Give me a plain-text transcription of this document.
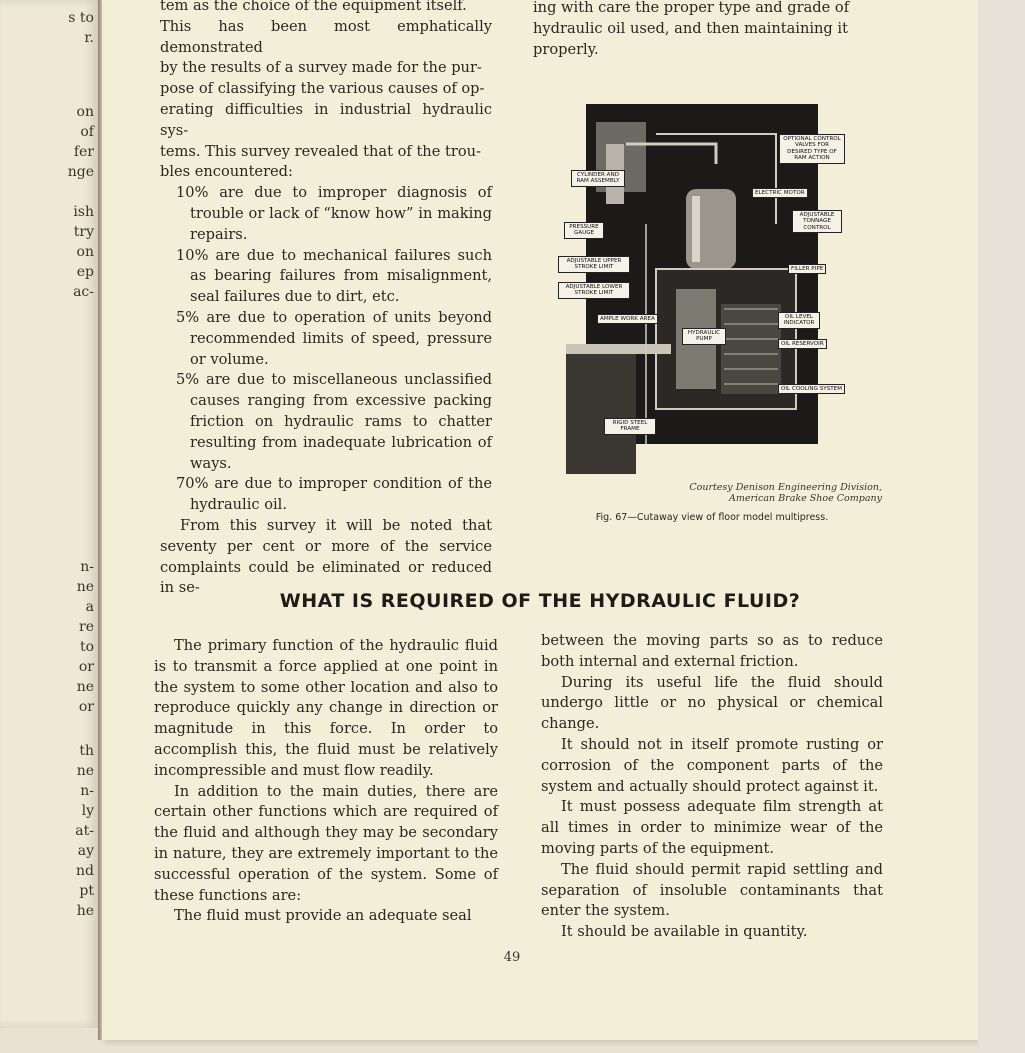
s to
r.
on
of
fer
nge
ish
try
on
ep
ac-
n-
ne
a
re
to
or
ne
or
th
ne
n-
ly
at-
ay
nd
pt
he

tem as the choice of the equipment itself.

This has been most emphatically demonstrated

by the results of a survey made for the pur-

pose of classifying the various causes of op-

erating difficulties in industrial hydraulic sys-

tems. This survey revealed that of the trou-

bles encountered:

10% are due to improper diagnosis of trouble or lack of “know how” in making repairs.

10% are due to mechanical failures such as bearing failures from misalignment, seal failures due to dirt, etc.

5% are due to operation of units beyond recommended limits of speed, pressure or volume.

5% are due to miscellaneous unclassified causes ranging from excessive packing friction on hydraulic rams to chatter resulting from inadequate lubrication of ways.

70% are due to improper condition of the hydraulic oil.

From this survey it will be noted that seventy per cent or more of the service complaints could be eliminated or reduced in se-

ing with care the proper type and grade of hydraulic oil used, and then maintaining it properly.

OPTIONAL CONTROL VALVES FOR DESIRED TYPE OF RAM ACTION
CYLINDER AND RAM ASSEMBLY
ELECTRIC MOTOR
PRESSURE GAUGE
ADJUSTABLE TONNAGE CONTROL
ADJUSTABLE UPPER STROKE LIMIT	FILLER PIPE
ADJUSTABLE LOWER STROKE LIMIT
OIL LEVEL INDICATOR
AMPLE WORK AREA
HYDRAULIC PUMP
OIL RESERVOIR
OIL COOLING SYSTEM
RIGID STEEL FRAME
Courtesy Denison Engineering Division,
American Brake Shoe Company
Fig. 67—Cutaway view of floor model multipress.
WHAT IS REQUIRED OF THE HYDRAULIC FLUID?

The primary function of the hydraulic fluid is to transmit a force applied at one point in the system to some other location and also to reproduce quickly any change in direction or magnitude in this force. In order to accomplish this, the fluid must be relatively incompressible and must flow readily.

In addition to the main duties, there are certain other functions which are required of the fluid and although they may be secondary in nature, they are extremely important to the successful operation of the system. Some of these functions are:

The fluid must provide an adequate seal

between the moving parts so as to reduce both internal and external friction.

During its useful life the fluid should undergo little or no physical or chemical change.

It should not in itself promote rusting or corrosion of the component parts of the system and actually should protect against it.

It must possess adequate film strength at all times in order to minimize wear of the moving parts of the equipment.

The fluid should permit rapid settling and separation of insoluble contaminants that enter the system.

It should be available in quantity.

49
